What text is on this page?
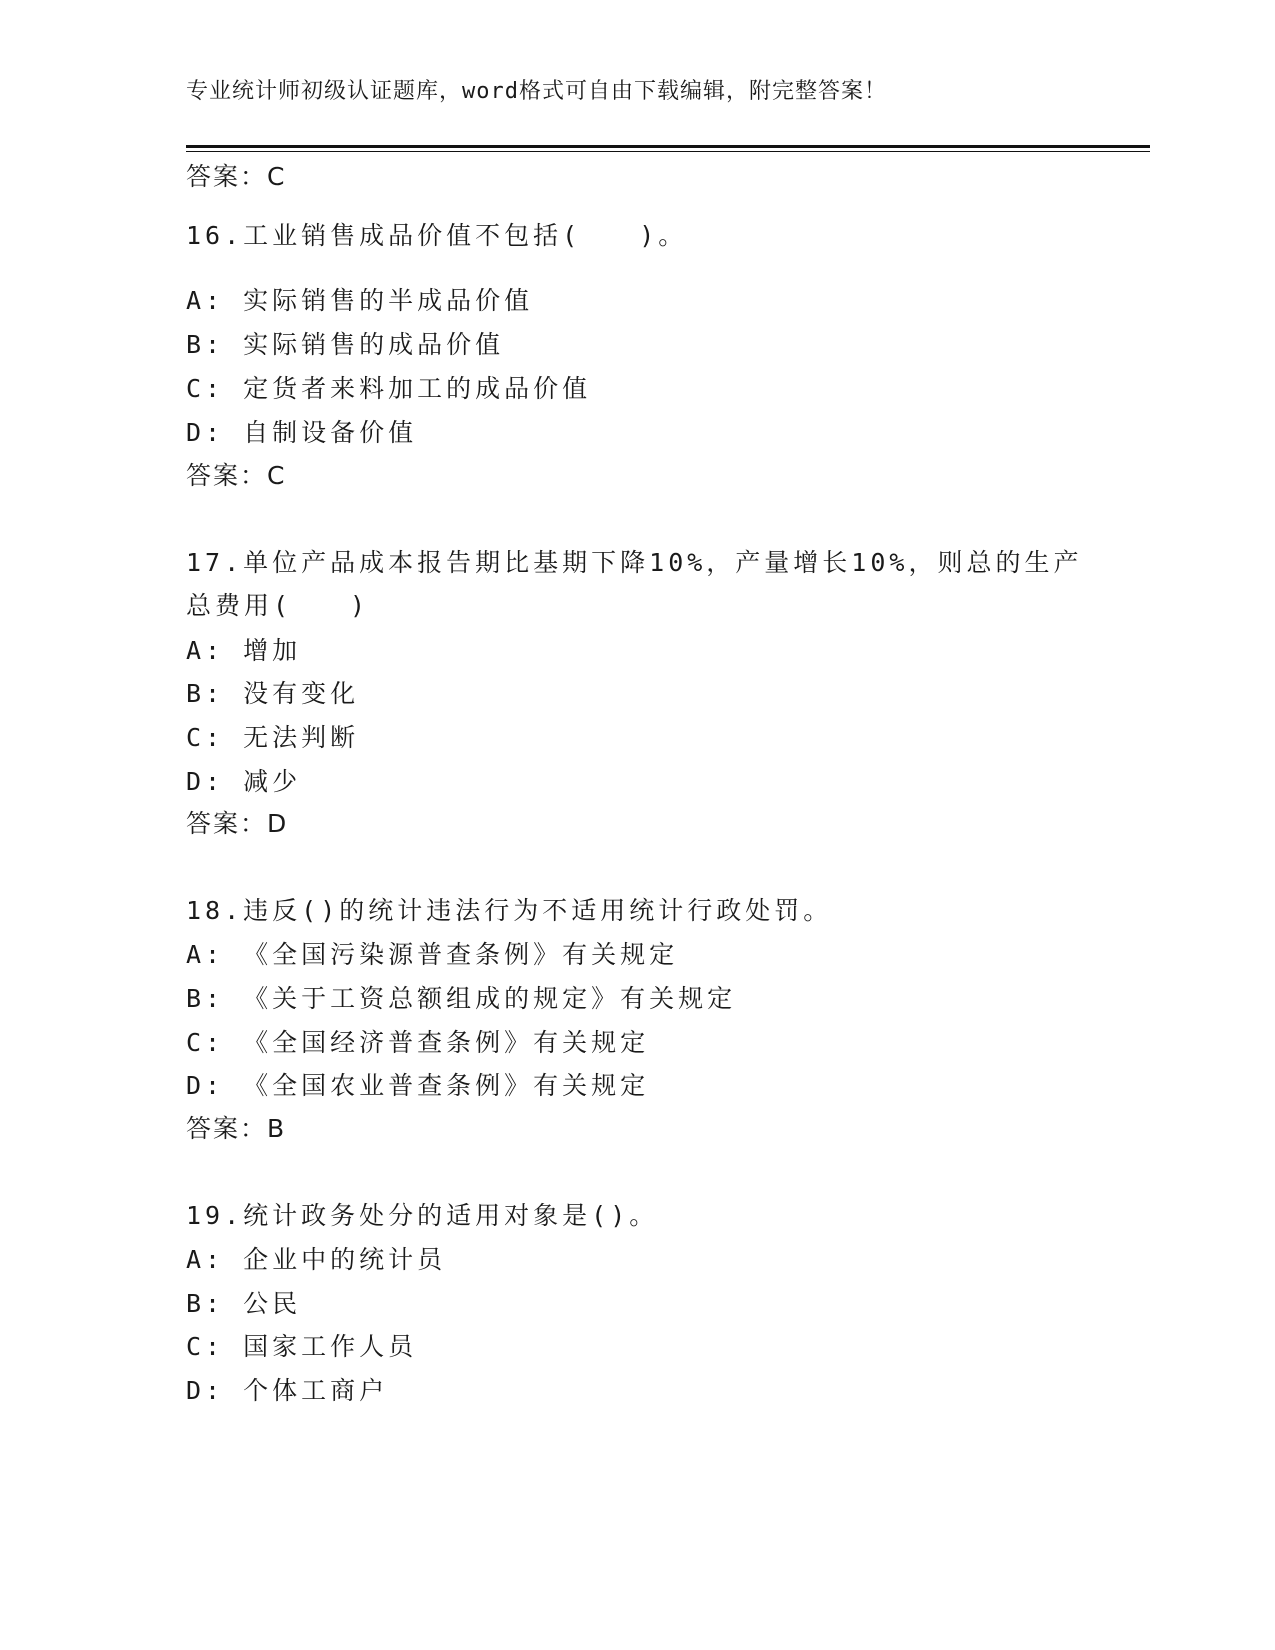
专业统计师初级认证题库，word格式可自由下载编辑，附完整答案！
答案：C
16.工业销售成品价值不包括(　　)。
A: 实际销售的半成品价值
B: 实际销售的成品价值
C: 定货者来料加工的成品价值
D: 自制设备价值
答案：C
17.单位产品成本报告期比基期下降10%，产量增长10%，则总的生产
总费用(　　)
A: 增加
B: 没有变化
C: 无法判断
D: 减少
答案：D
18.违反()的统计违法行为不适用统计行政处罚。
A: 《全国污染源普查条例》有关规定
B: 《关于工资总额组成的规定》有关规定
C: 《全国经济普查条例》有关规定
D: 《全国农业普查条例》有关规定
答案：B
19.统计政务处分的适用对象是()。
A: 企业中的统计员
B: 公民
C: 国家工作人员
D: 个体工商户
